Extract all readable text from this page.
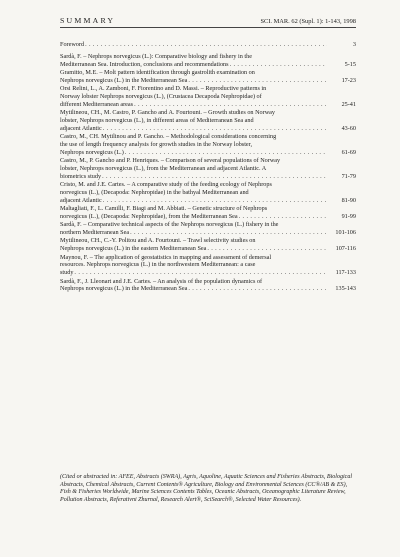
SUMMARY	SCI. MAR. 62 (Supl. 1): 1-143, 1998
Foreword . . .	3
Sardà, F. – Nephrops norvegicus (L.): Comparative biology and fishery in the
Mediterranean Sea. Introduction, conclusions and recommendations . . .	5-15
Gramitto, M.E. – Molt pattern identification through gastrolith examination on
Nephrops norvegicus (L.) in the Mediterranean Sea . . .	17-23
Orsi Relini, L., A. Zamboni, F. Fiorentino and D. Massi. – Reproductive patterns in
Norway lobster Nephrops norvegicus (L.), (Crustacea Decapoda Nephropidae) of
different Mediterranean areas . . .	25-41
Mytilineou, CH., M. Castro, P. Gancho and A. Fourtouni. – Growth studies on Norway
lobster, Nephrops norvegicus (L.), in different areas of Mediterranean Sea and
adjacent Atlantic . . .	43-60
Castro, M., CH. Mytilinou and P. Gancho. – Methodological considerations concerning
the use of length frequency analysis for growth studies in the Norway lobster,
Nephrops norvegicus (L.) . . .	61-69
Castro, M., P. Gancho and P. Henriques. – Comparison of several populations of Norway
lobster, Nephrops norvegicus (L.), from the Mediterranean and adjacent Atlantic. A
biometrics study . . .	71-79
Cristo, M. and J.E. Cartes. – A comparative study of the feeding ecology of Nephrops
norvegicus (L.), (Decapoda: Nephropidae) in the bathyal Mediterranean and
adjacent Atlantic . . .	81-90
Maltagliati, F., L. Camilli, F. Biagi and M. Abbiati. – Genetic structure of Nephrops
norvegicus (L.), (Decapoda: Nephropidae), from the Mediterranean Sea . . .	91-99
Sardà, F. – Comparative technical aspects of the Nephrops norvegicus (L.) fishery in the
northern Mediterranean Sea . . .	101-106
Mytilineou, CH., C.-Y. Politou and A. Fourtouni. – Trawl selectivity studies on
Nephrops norvegicus (L.) in the eastern Mediterranean Sea . . .	107-116
Maynou, F. – The application of geostatistics in mapping and assessment of demersal
resources. Nephrops norvegicus (L.) in the northwestern Mediterranean: a case
study . . .	117-133
Sardà, F., J. Lleonart and J.E. Cartes. – An analysis of the population dynamics of
Nephrops norvegicus (L.) in the Mediterranean Sea . . .	135-143
(Cited or abstracted in: AFEE, Abstracts (SWRA), Agris, Aquoline, Aquatic Sciences and Fisheries Abstracts, Biological Abstracts, Chemical Abstracts, Current Contents® Agriculture, Biology and Environmental Sciences (CC®/AB & ES), Fish & Fisheries Worldwide, Marine Sciences Contents Tables, Oceanic Abstracts, Oceanographic Literature Review, Pollution Abstracts, Referativni Zhurnal, Research Alert®, SciSearch®, Selected Water Resources).
